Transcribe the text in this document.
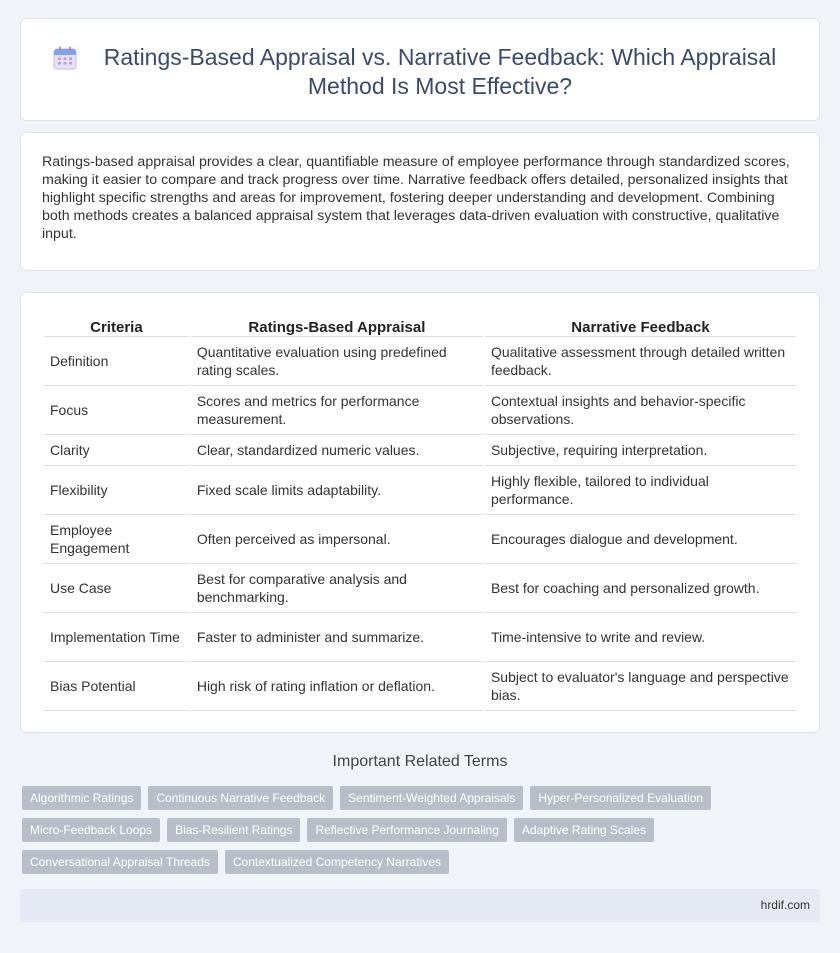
Ratings-Based Appraisal vs. Narrative Feedback: Which Appraisal Method Is Most Effective?

Ratings-based appraisal provides a clear, quantifiable measure of employee performance through standardized scores, making it easier to compare and track progress over time. Narrative feedback offers detailed, personalized insights that highlight specific strengths and areas for improvement, fostering deeper understanding and development. Combining both methods creates a balanced appraisal system that leverages data-driven evaluation with constructive, qualitative input.

Criteria	Ratings-Based Appraisal	Narrative Feedback
Definition	Quantitative evaluation using predefined rating scales.	Qualitative assessment through detailed written feedback.
Focus	Scores and metrics for performance measurement.	Contextual insights and behavior-specific observations.
Clarity	Clear, standardized numeric values.	Subjective, requiring interpretation.
Flexibility	Fixed scale limits adaptability.	Highly flexible, tailored to individual performance.
Employee Engagement	Often perceived as impersonal.	Encourages dialogue and development.
Use Case	Best for comparative analysis and benchmarking.	Best for coaching and personalized growth.
Implementation Time	Faster to administer and summarize.	Time-intensive to write and review.
Bias Potential	High risk of rating inflation or deflation.	Subject to evaluator's language and perspective bias.
Important Related Terms
Algorithmic Ratings	Continuous Narrative Feedback	Sentiment-Weighted Appraisals	Hyper-Personalized Evaluation
Micro-Feedback Loops	Bias-Resilient Ratings	Reflective Performance Journaling	Adaptive Rating Scales
Conversational Appraisal Threads	Contextualized Competency Narratives
hrdif.com
